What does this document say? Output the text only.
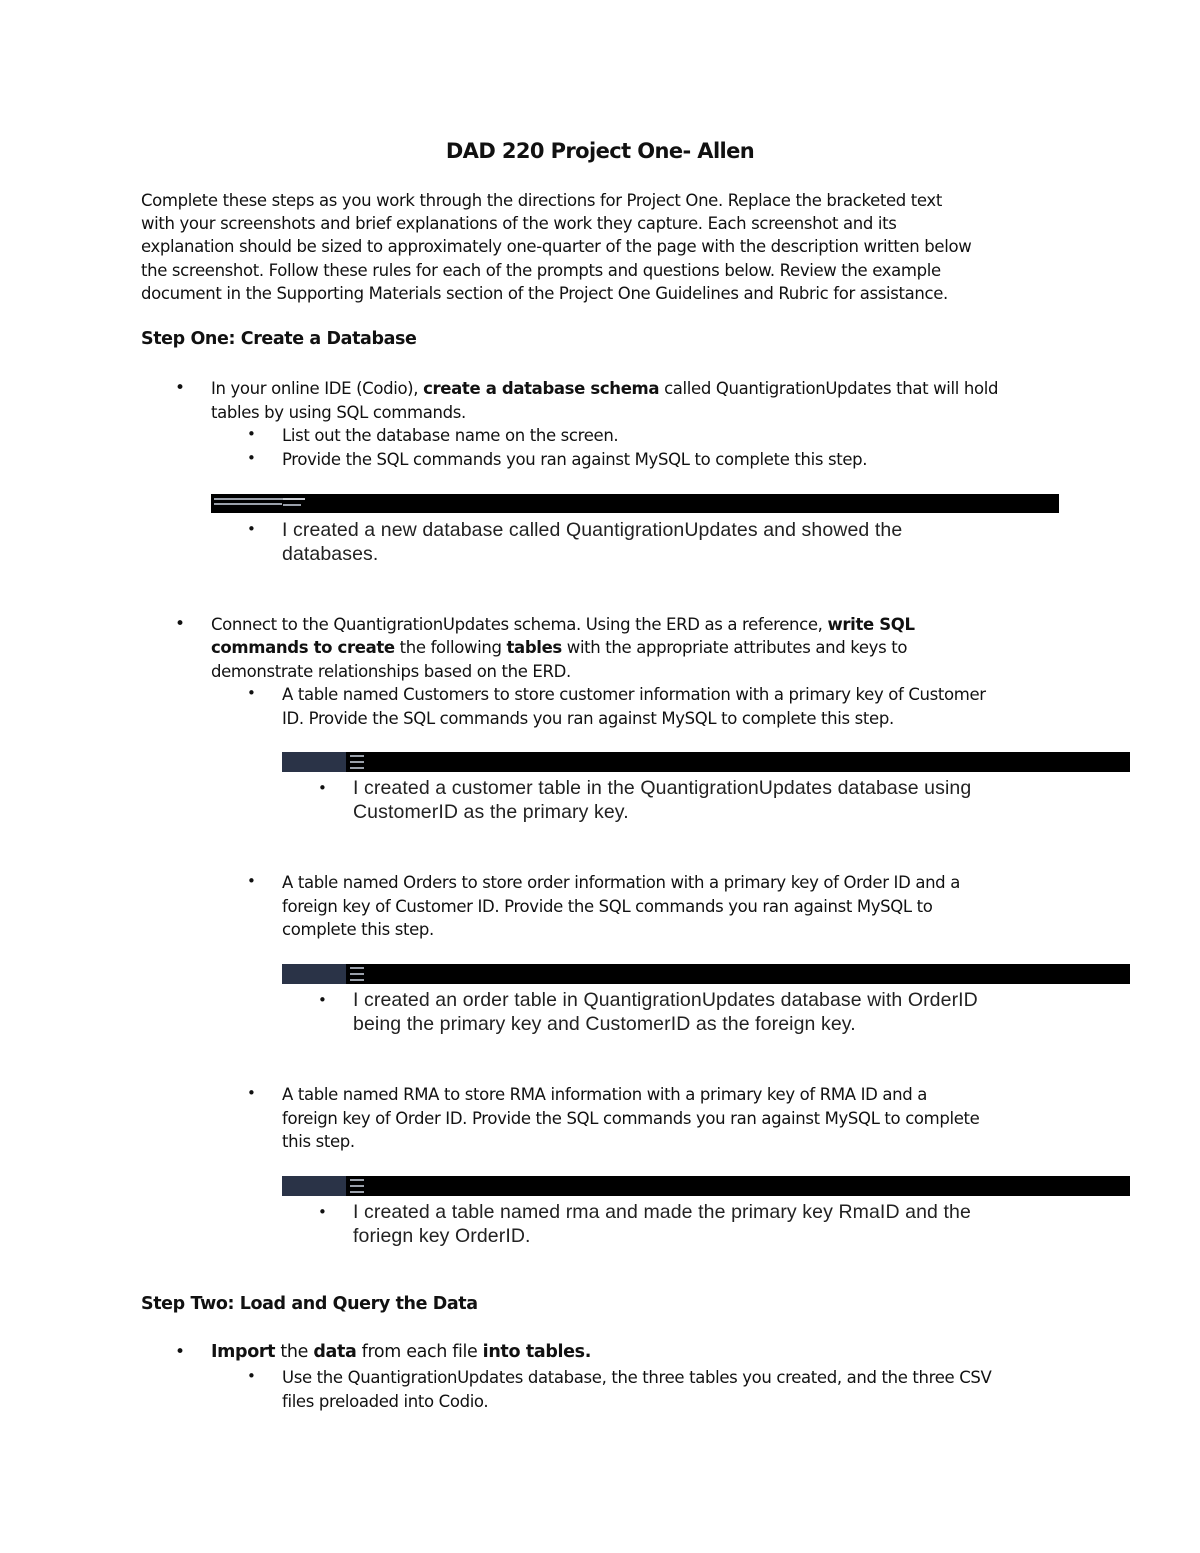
DAD 220 Project One- Allen
Complete these steps as you work through the directions for Project One. Replace the bracketed text
with your screenshots and brief explanations of the work they capture. Each screenshot and its
explanation should be sized to approximately one-quarter of the page with the description written below
the screenshot. Follow these rules for each of the prompts and questions below. Review the example
document in the Supporting Materials section of the Project One Guidelines and Rubric for assistance.
Step One: Create a Database
• In your online IDE (Codio), create a database schema called QuantigrationUpdates that will hold
tables by using SQL commands.
• List out the database name on the screen.
• Provide the SQL commands you ran against MySQL to complete this step.
• I created a new database called QuantigrationUpdates and showed the
databases.
• Connect to the QuantigrationUpdates schema. Using the ERD as a reference, write SQL
commands to create the following tables with the appropriate attributes and keys to
demonstrate relationships based on the ERD.
• A table named Customers to store customer information with a primary key of Customer
ID. Provide the SQL commands you ran against MySQL to complete this step.
• I created a customer table in the QuantigrationUpdates database using
CustomerID as the primary key.
• A table named Orders to store order information with a primary key of Order ID and a
foreign key of Customer ID. Provide the SQL commands you ran against MySQL to
complete this step.
• I created an order table in QuantigrationUpdates database with OrderID
being the primary key and CustomerID as the foreign key.
• A table named RMA to store RMA information with a primary key of RMA ID and a
foreign key of Order ID. Provide the SQL commands you ran against MySQL to complete
this step.
• I created a table named rma and made the primary key RmaID and the
foriegn key OrderID.
Step Two: Load and Query the Data
• Import the data from each file into tables.
• Use the QuantigrationUpdates database, the three tables you created, and the three CSV
files preloaded into Codio.
